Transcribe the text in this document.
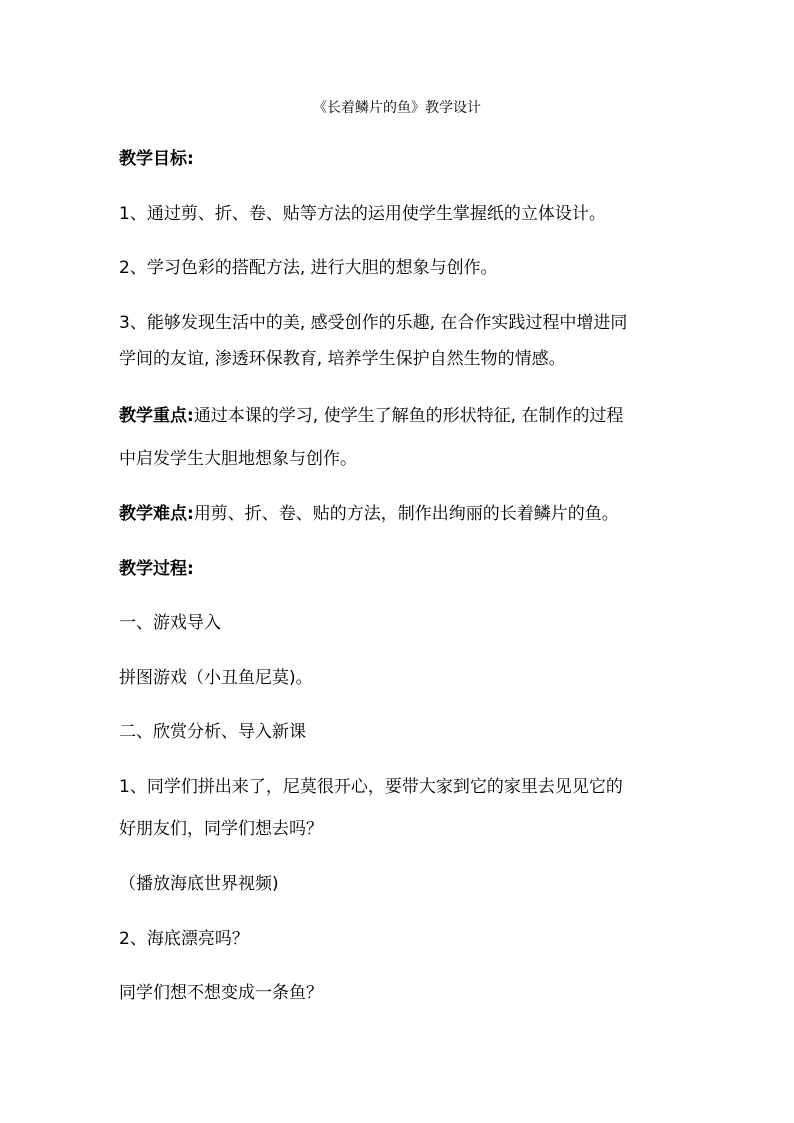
《长着鳞片的鱼》教学设计
教学目标:
1、通过剪、折、卷、贴等方法的运用使学生掌握纸的立体设计。
2、学习色彩的搭配方法, 进行大胆的想象与创作。
3、能够发现生活中的美, 感受创作的乐趣, 在合作实践过程中增进同
学间的友谊, 渗透环保教育, 培养学生保护自然生物的情感。
教学重点:通过本课的学习, 使学生了解鱼的形状特征, 在制作的过程
中启发学生大胆地想象与创作。
教学难点:用剪、折、卷、贴的方法，制作出绚丽的长着鳞片的鱼。
教学过程:
一、游戏导入
拼图游戏（小丑鱼尼莫)。
二、欣赏分析、导入新课
1、同学们拼出来了，尼莫很开心，要带大家到它的家里去见见它的
好朋友们，同学们想去吗？
（播放海底世界视频)
2、海底漂亮吗？
同学们想不想变成一条鱼？
